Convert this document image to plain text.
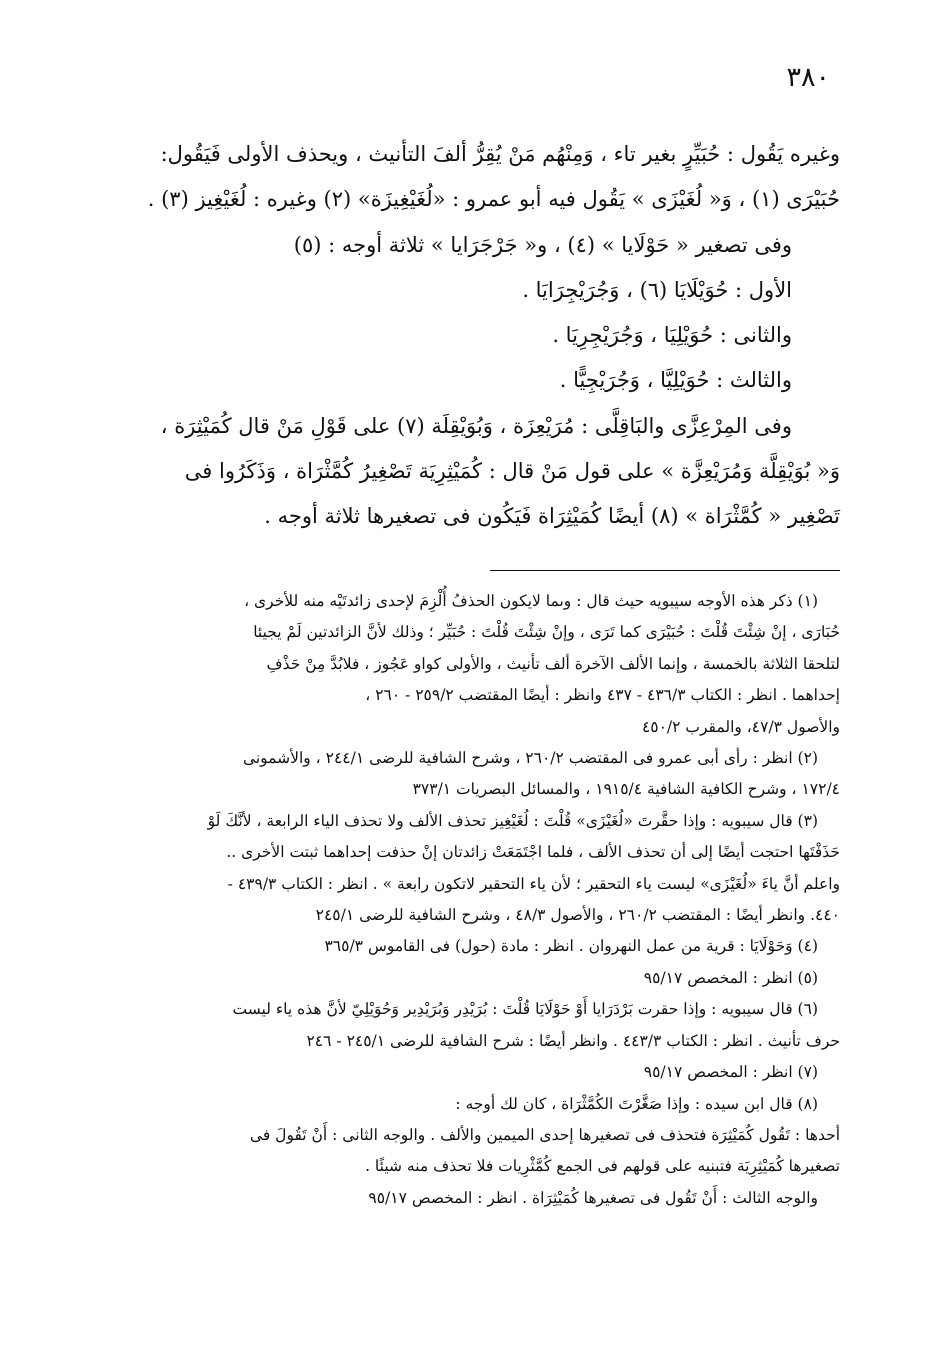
٣٨٠

وغيره يَقُول : حُبَيِّرٍ بغير تاء ، وَمِنْهُم مَنْ يُقِرُّ ألفَ التأنيث ، ويحذف الأولى فَيَقُول:

حُبَيْرَى (١) ، وَ« لُغَيْزَى » يَقُول فيه أبو عمرو : «لُغَيْغِيزَة» (٢) وغيره : لُغَيْغِيز (٣) .

وفى تصغير « حَوْلَايا » (٤) ، و« جَرْجَرَايا » ثلاثة أوجه : (٥)

الأول : حُوَيْلَايَا (٦) ، وَجُرَيْجِرَايَا .

والثانى : حُوَيْلِيَا ، وَجُرَيْجِرِيَا .

والثالث : حُوَيْلِيَّا ، وَجُرَيْجِيًّا .

وفى المِرْعِزَّى والبَاقِلَّى : مُرَيْعِزَة ، وَبُوَيْقِلَة (٧) على قَوْلِ مَنْ قال كُمَيْثِرَة ،

وَ« بُوَيْقِلَّة وَمُرَيْعِزَّة » على قول مَنْ قال : كُمَيْثِرِيَة تَصْغِيرُ كُمَّثْرَاة ، وَذَكَرُوا فى

تَصْغِير « كُمَّثْرَاة » (٨) أيضًا كُمَيْثِرَاة فَيَكُون فى تصغيرها ثلاثة أوجه .

(١) ذكر هذه الأوجه سيبويه حيث قال : وىما لايكون الحذفُ أُلْزِمَ لإحدى زائدتَيْه منه للأخرى ،

حُبَارَى ، إنْ شِئْتَ قُلْتَ : حُبَيْرَى كما تَرَى ، وإنْ شِئْتَ قُلْتَ : حُبَيِّر ؛ وذلك لأنَّ الزائدتين لَمْ يجيئا

لتلحقا الثلاثة بالخمسة ، وإنما الألف الآخرة ألف تأنيث ، والأولى كواو عَجُوز ، فلابُدَّ مِنْ حَذْفِ

إحداهما . انظر : الكتاب ٤٣٦/٣ - ٤٣٧ وانظر : أيضًا المقتضب ٢٥٩/٢ - ٢٦٠ ،

والأصول ٤٧/٣، والمقرب ٤٥٠/٢

(٢) انظر : رأى أبى عمرو فى المقتضب ٢٦٠/٢ ، وشرح الشافية للرضى ٢٤٤/١ ، والأشمونى

١٧٢/٤ ، وشرح الكافية الشافية ١٩١٥/٤ ، والمسائل البصريات ٣٧٣/١

(٣) قال سيبويه : وإذا حقَّرتَ «لُغَيْزَى» قُلْتَ : لُغَيْغِيز تحذف الألف ولا تحذف الياء الرابعة ، لأنَّكَ لَوْ

حَذَفْتَها احتجت أيضًا إلى أن تحذف الألف ، فلما اجْتَمَعَتْ زائدتان إنْ حذفت إحداهما ثبتت الأخرى ..

واعلم أنَّ ياءَ «لُغَيْزَى» ليست ياء التحقير ؛ لأن ياء التحقير لاتكون رابعة » . انظر : الكتاب ٤٣٩/٣ -

٤٤٠. وانظر أيضًا : المقتضب ٢٦٠/٢ ، والأصول ٤٨/٣ ، وشرح الشافية للرضى ٢٤٥/١

(٤) وَحَوْلَايَا : قرية من عمل النهروان . انظر : مادة (حول) فى القاموس ٣٦٥/٣

(٥) انظر : المخصص ٩٥/١٧

(٦) قال سيبويه : وإذا حقرت بَرْدَرَايا أَوْ حَوْلَايَا قُلْتَ : بُرَيْدِر وَبُرَيْدِير وَحُوَيْلِيّ لأنَّ هذه ياء ليست

حرف تأنيث . انظر : الكتاب ٤٤٣/٣ . وانظر أيضًا : شرح الشافية للرضى ٢٤٥/١ - ٢٤٦

(٧) انظر : المخصص ٩٥/١٧

(٨) قال ابن سيده : وإذا صَغَّرْتَ الكُمَّثْرَاة ، كان لك أوجه :

أحدها : تَقُول كُمَيْثِرَة فتحذف فى تصغيرها إحدى الميمين والألف . والوجه الثانى : أَنْ تَقُولَ فى

تصغيرها كُمَيْثِرِيَة فتبنيه على قولهم فى الجمع كُمَّثْرِيات فلا تحذف منه شيئًا .

والوجه الثالث : أَنْ تَقُول فى تصغيرها كُمَيْثِرَاة . انظر : المخصص ٩٥/١٧
